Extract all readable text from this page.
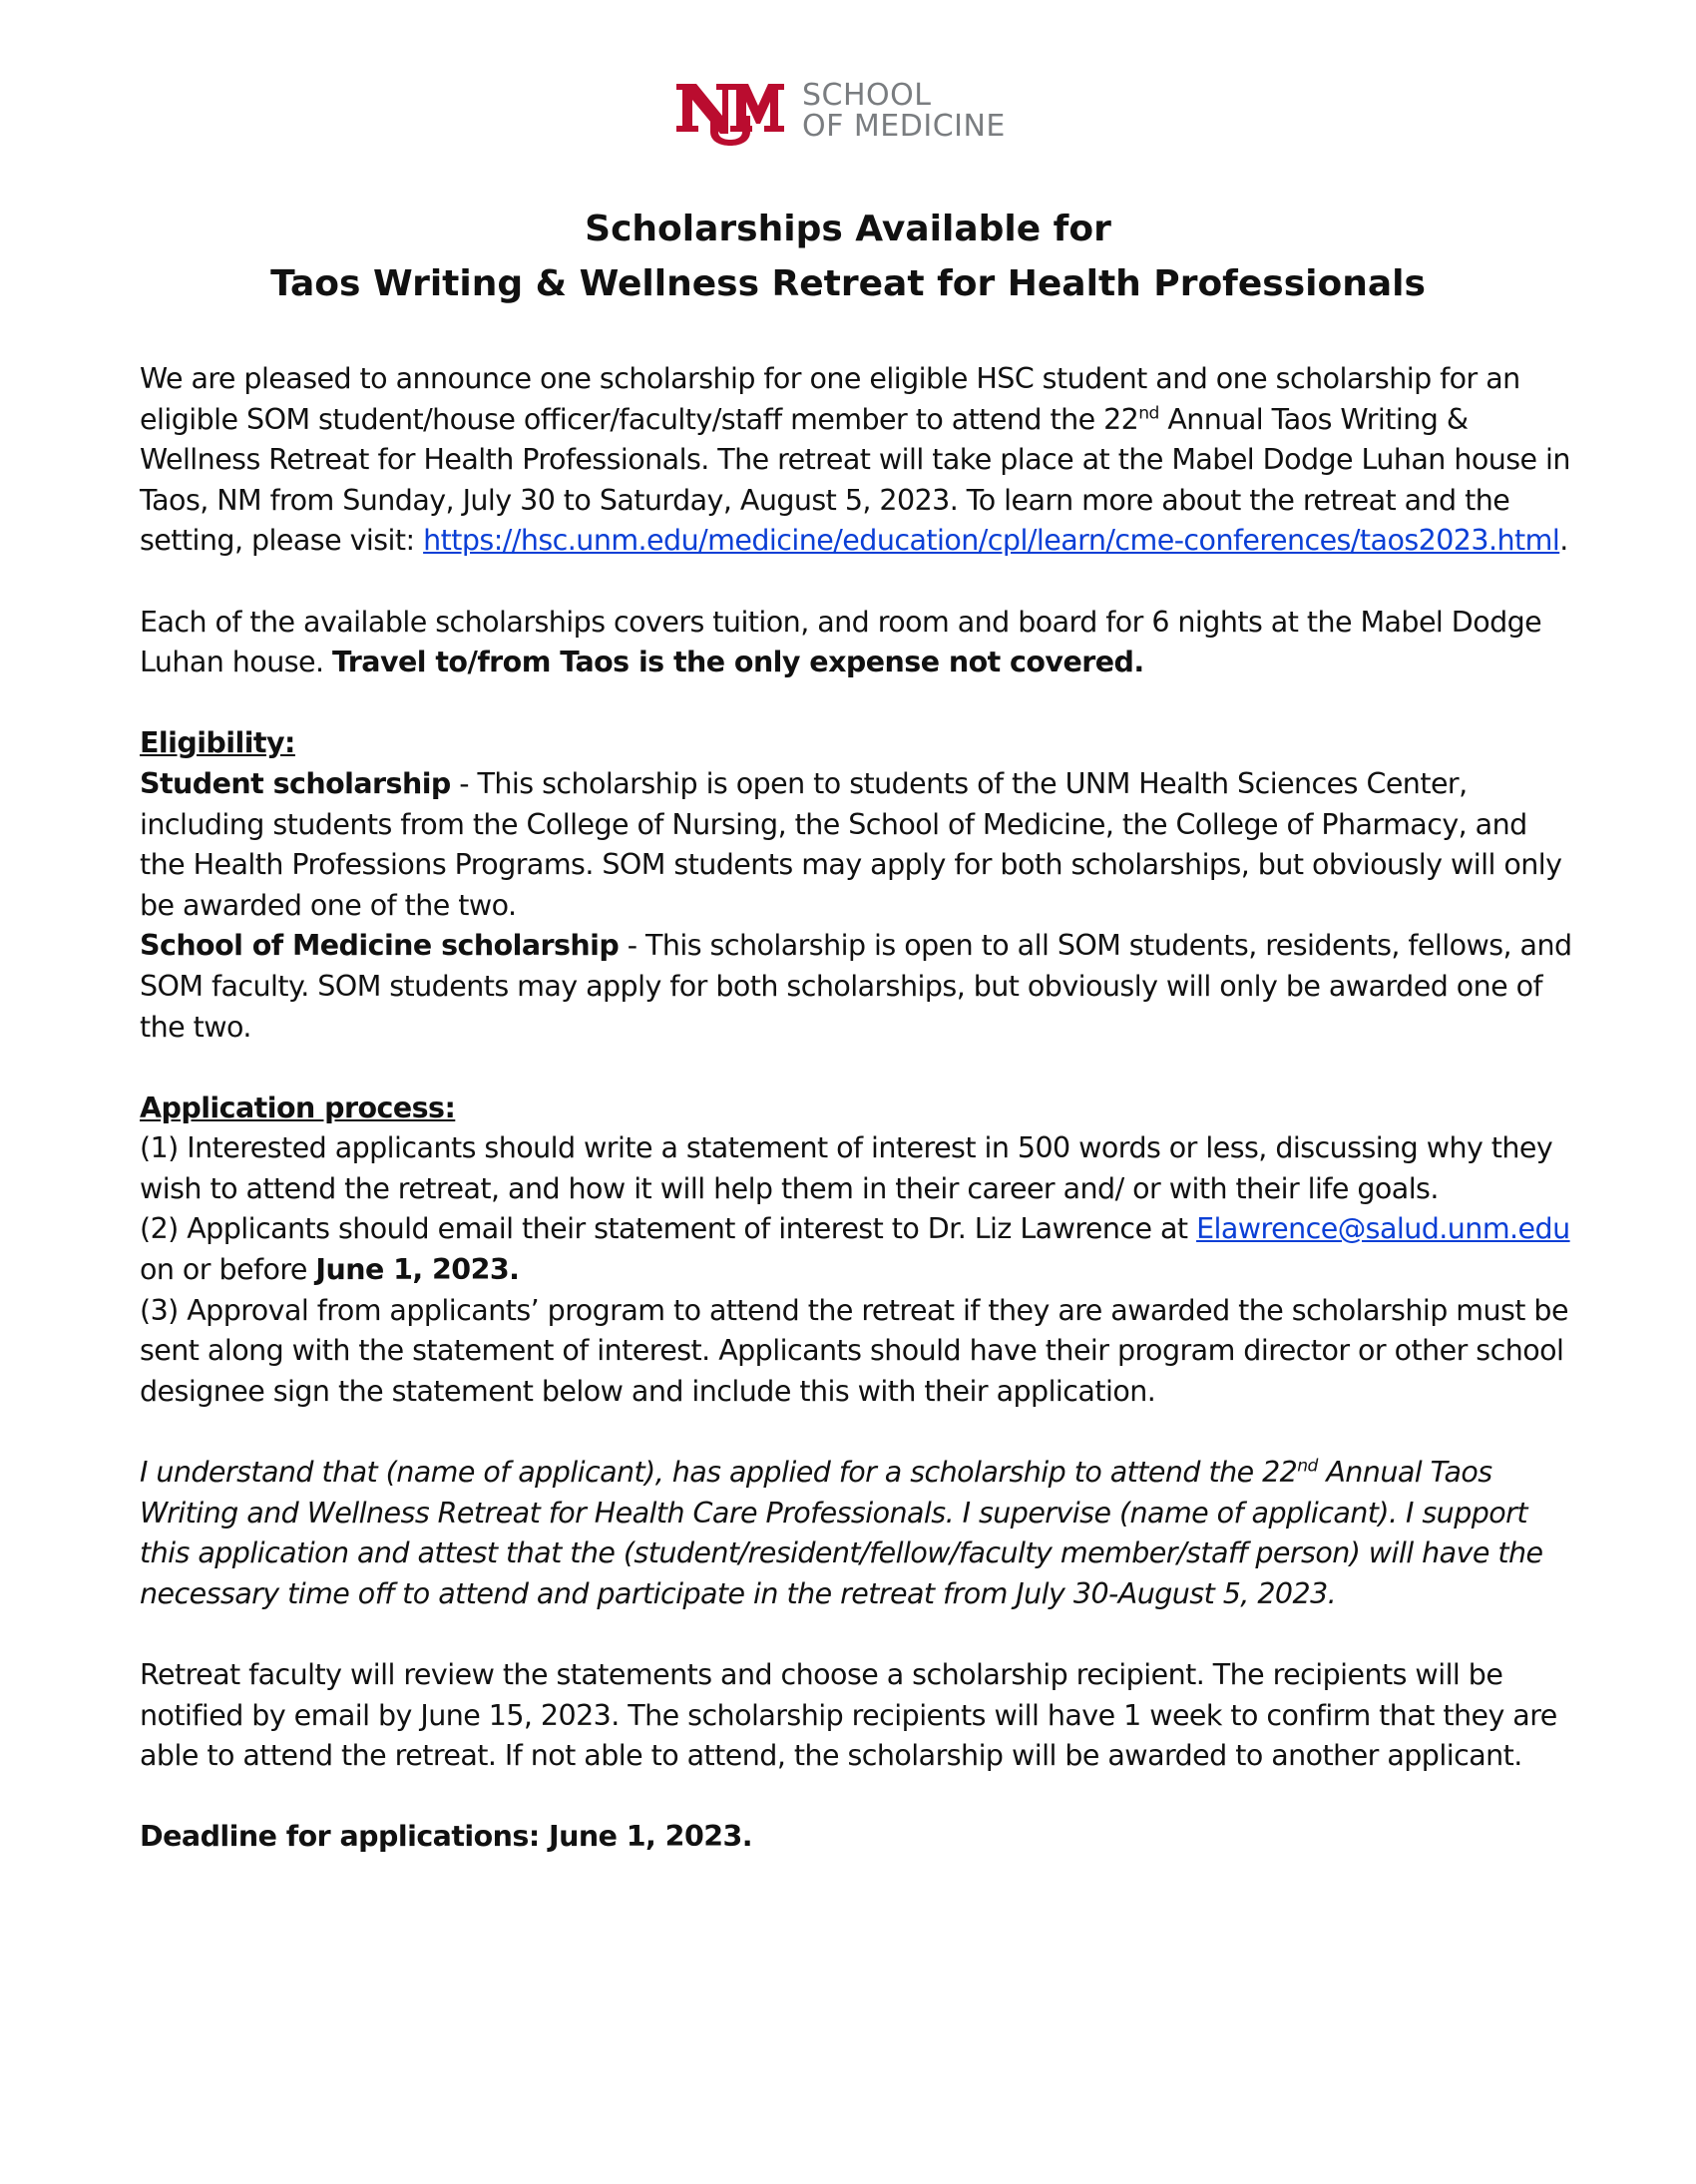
SCHOOL
OF MEDICINE
Scholarships Available for
Taos Writing & Wellness Retreat for Health Professionals

We are pleased to announce one scholarship for one eligible HSC student and one scholarship for an eligible SOM student/house officer/faculty/staff member to attend the 22nd Annual Taos Writing & Wellness Retreat for Health Professionals. The retreat will take place at the Mabel Dodge Luhan house in Taos, NM from Sunday, July 30 to Saturday, August 5, 2023. To learn more about the retreat and the setting, please visit: https://hsc.unm.edu/medicine/education/cpl/learn/cme-conferences/taos2023.html.

Each of the available scholarships covers tuition, and room and board for 6 nights at the Mabel Dodge Luhan house. Travel to/from Taos is the only expense not covered.

Eligibility:

Student scholarship - This scholarship is open to students of the UNM Health Sciences Center, including students from the College of Nursing, the School of Medicine, the College of Pharmacy, and the Health Professions Programs. SOM students may apply for both scholarships, but obviously will only be awarded one of the two.

School of Medicine scholarship - This scholarship is open to all SOM students, residents, fellows, and SOM faculty. SOM students may apply for both scholarships, but obviously will only be awarded one of the two.

Application process:

(1) Interested applicants should write a statement of interest in 500 words or less, discussing why they wish to attend the retreat, and how it will help them in their career and/ or with their life goals.

(2) Applicants should email their statement of interest to Dr. Liz Lawrence at Elawrence@salud.unm.edu on or before June 1, 2023.

(3) Approval from applicants’ program to attend the retreat if they are awarded the scholarship must be sent along with the statement of interest. Applicants should have their program director or other school designee sign the statement below and include this with their application.

I understand that (name of applicant), has applied for a scholarship to attend the 22nd Annual Taos Writing and Wellness Retreat for Health Care Professionals. I supervise (name of applicant). I support this application and attest that the (student/resident/fellow/faculty member/staff person) will have the necessary time off to attend and participate in the retreat from July 30-August 5, 2023.

Retreat faculty will review the statements and choose a scholarship recipient. The recipients will be notified by email by June 15, 2023. The scholarship recipients will have 1 week to confirm that they are able to attend the retreat. If not able to attend, the scholarship will be awarded to another applicant.

Deadline for applications: June 1, 2023.
